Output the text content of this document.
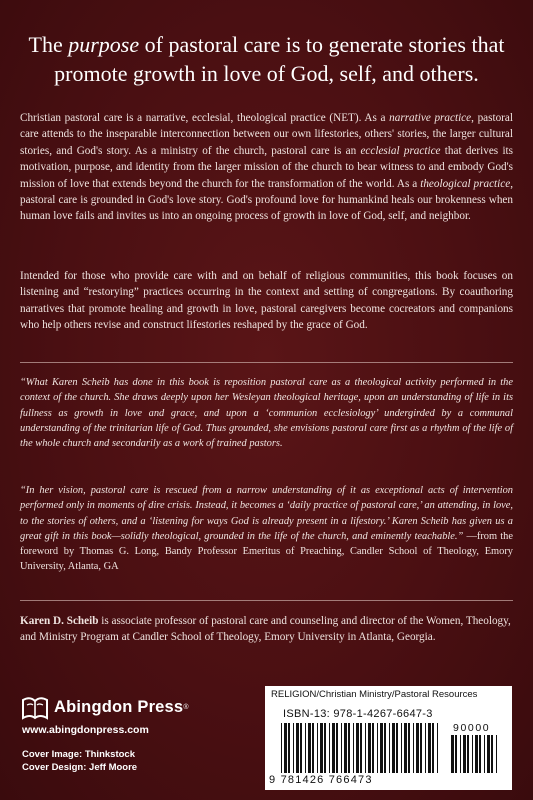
The purpose of pastoral care is to generate stories that promote growth in love of God, self, and others.
Christian pastoral care is a narrative, ecclesial, theological practice (NET). As a narrative practice, pastoral care attends to the inseparable interconnection between our own lifestories, others' stories, the larger cultural stories, and God's story. As a ministry of the church, pastoral care is an ecclesial practice that derives its motivation, purpose, and identity from the larger mission of the church to bear witness to and embody God's mission of love that extends beyond the church for the transformation of the world. As a theological practice, pastoral care is grounded in God's love story. God's profound love for humankind heals our brokenness when human love fails and invites us into an ongoing process of growth in love of God, self, and neighbor.
Intended for those who provide care with and on behalf of religious communities, this book focuses on listening and “restorying” practices occurring in the context and setting of congregations. By coauthoring narratives that promote healing and growth in love, pastoral caregivers become cocreators and companions who help others revise and construct lifestories reshaped by the grace of God.
“What Karen Scheib has done in this book is reposition pastoral care as a theological activity performed in the context of the church. She draws deeply upon her Wesleyan theological heritage, upon an understanding of life in its fullness as growth in love and grace, and upon a ‘communion ecclesiology’ undergirded by a communal understanding of the trinitarian life of God. Thus grounded, she envisions pastoral care first as a rhythm of the life of the whole church and secondarily as a work of trained pastors.
“In her vision, pastoral care is rescued from a narrow understanding of it as exceptional acts of intervention performed only in moments of dire crisis. Instead, it becomes a ‘daily practice of pastoral care,’ an attending, in love, to the stories of others, and a ‘listening for ways God is already present in a lifestory.’ Karen Scheib has given us a great gift in this book—solidly theological, grounded in the life of the church, and eminently teachable.” —from the foreword by Thomas G. Long, Bandy Professor Emeritus of Preaching, Candler School of Theology, Emory University, Atlanta, GA
Karen D. Scheib is associate professor of pastoral care and counseling and director of the Women, Theology, and Ministry Program at Candler School of Theology, Emory University in Atlanta, Georgia.
Abingdon Press ®
www.abingdonpress.com
Cover Image: Thinkstock
Cover Design: Jeff Moore
RELIGION/Christian Ministry/Pastoral Resources
ISBN-13: 978-1-4267-6647-3
90000
9 781426 766473
